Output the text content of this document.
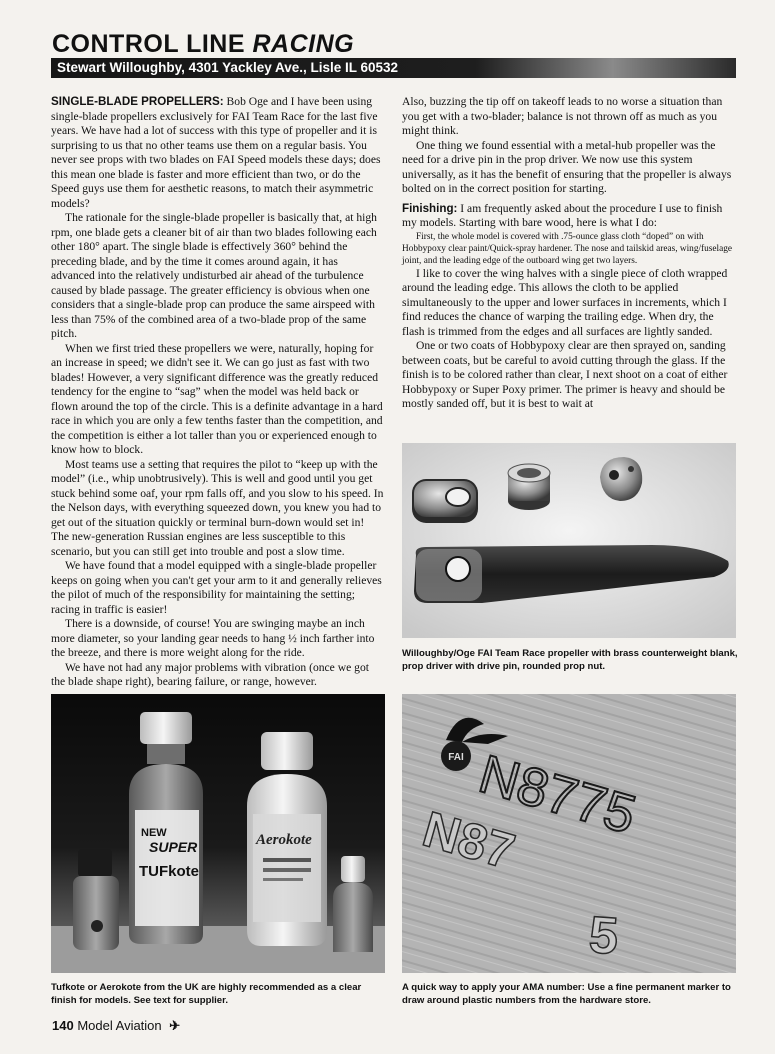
CONTROL LINE RACING
Stewart Willoughby, 4301 Yackley Ave., Lisle IL 60532

SINGLE-BLADE PROPELLERS: Bob Oge and I have been using single-blade propellers exclusively for FAI Team Race for the last five years. We have had a lot of success with this type of propeller and it is surprising to us that no other teams use them on a regular basis. You never see props with two blades on FAI Speed models these days; does this mean one blade is faster and more efficient than two, or do the Speed guys use them for aesthetic reasons, to match their asymmetric models?

The rationale for the single-blade propeller is basically that, at high rpm, one blade gets a cleaner bit of air than two blades following each other 180° apart. The single blade is effectively 360° behind the preceding blade, and by the time it comes around again, it has advanced into the relatively undisturbed air ahead of the turbulence caused by blade passage. The greater efficiency is obvious when one considers that a single-blade prop can produce the same airspeed with less than 75% of the combined area of a two-blade prop of the same pitch.

When we first tried these propellers we were, naturally, hoping for an increase in speed; we didn't see it. We can go just as fast with two blades! However, a very significant difference was the greatly reduced tendency for the engine to “sag” when the model was held back or flown around the top of the circle. This is a definite advantage in a hard race in which you are only a few tenths faster than the competition, and the competition is either a lot taller than you or experienced enough to know how to block.

Most teams use a setting that requires the pilot to “keep up with the model” (i.e., whip unobtrusively). This is well and good until you get stuck behind some oaf, your rpm falls off, and you slow to his speed. In the Nelson days, with everything squeezed down, you knew you had to get out of the situation quickly or terminal burn-down would set in! The new-generation Russian engines are less susceptible to this scenario, but you can still get into trouble and post a slow time.

We have found that a model equipped with a single-blade propeller keeps on going when you can't get your arm to it and generally relieves the pilot of much of the responsibility for maintaining the setting; racing in traffic is easier!

There is a downside, of course! You are swinging maybe an inch more diameter, so your landing gear needs to hang ½ inch farther into the breeze, and there is more weight along for the ride.

We have not had any major problems with vibration (once we got the blade shape right), bearing failure, or range, however.

Also, buzzing the tip off on takeoff leads to no worse a situation than you get with a two-blader; balance is not thrown off as much as you might think.

One thing we found essential with a metal-hub propeller was the need for a drive pin in the prop driver. We now use this system universally, as it has the benefit of ensuring that the propeller is always bolted on in the correct position for starting.

Finishing: I am frequently asked about the procedure I use to finish my models. Starting with bare wood, here is what I do:

First, the whole model is covered with .75-ounce glass cloth “doped” on with Hobbypoxy clear paint/Quick-spray hardener. The nose and tailskid areas, wing/fuselage joint, and the leading edge of the outboard wing get two layers.

I like to cover the wing halves with a single piece of cloth wrapped around the leading edge. This allows the cloth to be applied simultaneously to the upper and lower surfaces in increments, which I find reduces the chance of warping the trailing edge. When dry, the flash is trimmed from the edges and all surfaces are lightly sanded.

One or two coats of Hobbypoxy clear are then sprayed on, sanding between coats, but be careful to avoid cutting through the glass. If the finish is to be colored rather than clear, I next shoot on a coat of either Hobbypoxy or Super Poxy primer. The primer is heavy and should be mostly sanded off, but it is best to wait at

Willoughby/Oge FAI Team Race propeller with brass counterweight blank, prop driver with drive pin, rounded prop nut.

NEW
SUPER
TUFkote
Aerokote

Tufkote or Aerokote from the UK are highly recommended as a clear finish for models. See text for supplier.

FAI N8775
N87
5

A quick way to apply your AMA number: Use a fine permanent marker to draw around plastic numbers from the hardware store.

140 Model Aviation ✈
